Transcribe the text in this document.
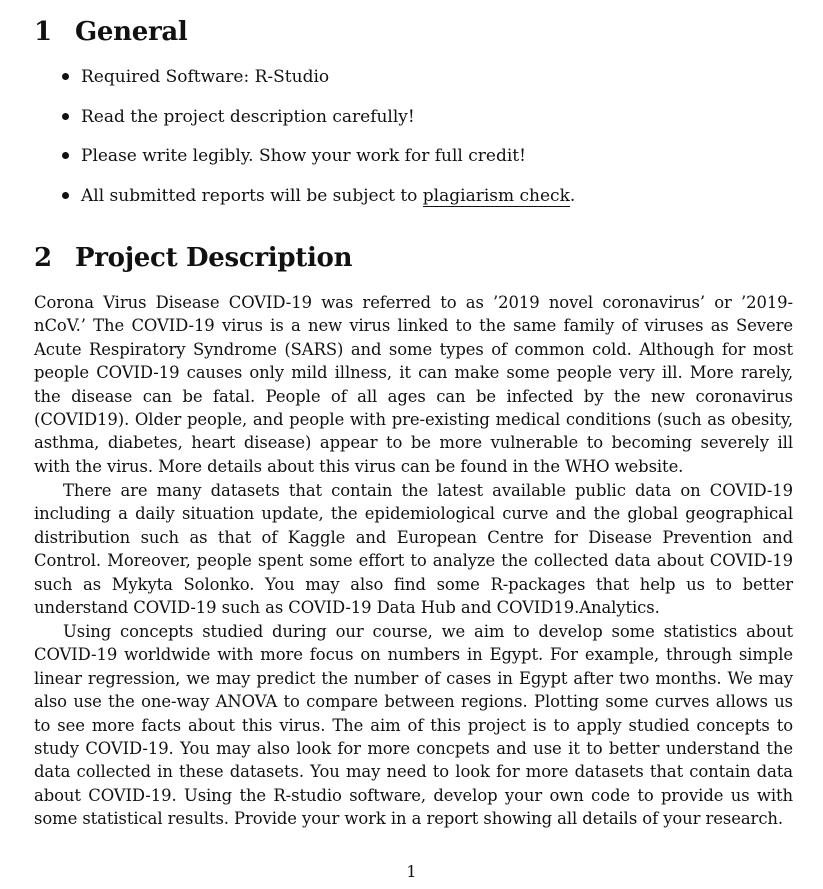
1 General
Required Software: R-Studio
Read the project description carefully!
Please write legibly. Show your work for full credit!
All submitted reports will be subject to plagiarism check.
2 Project Description

Corona Virus Disease COVID-19 was referred to as ’2019 novel coronavirus’ or ’2019-nCoV.’ The COVID-19 virus is a new virus linked to the same family of viruses as Severe Acute Respiratory Syndrome (SARS) and some types of common cold. Although for most people COVID-19 causes only mild illness, it can make some people very ill. More rarely, the disease can be fatal. People of all ages can be infected by the new coronavirus (COVID19). Older people, and people with pre-existing medical conditions (such as obesity, asthma, diabetes, heart disease) appear to be more vulnerable to becoming severely ill with the virus. More details about this virus can be found in the WHO website.

There are many datasets that contain the latest available public data on COVID-19 including a daily situation update, the epidemiological curve and the global geographical distribution such as that of Kaggle and European Centre for Disease Prevention and Control. Moreover, people spent some effort to analyze the collected data about COVID-19 such as Mykyta Solonko. You may also find some R-packages that help us to better understand COVID-19 such as COVID-19 Data Hub and COVID19.Analytics.

Using concepts studied during our course, we aim to develop some statistics about COVID-19 worldwide with more focus on numbers in Egypt. For example, through simple linear regression, we may predict the number of cases in Egypt after two months. We may also use the one-way ANOVA to compare between regions. Plotting some curves allows us to see more facts about this virus. The aim of this project is to apply studied concepts to study COVID-19. You may also look for more concpets and use it to better understand the data collected in these datasets. You may need to look for more datasets that contain data about COVID-19. Using the R-studio software, develop your own code to provide us with some statistical results. Provide your work in a report showing all details of your research.

1
